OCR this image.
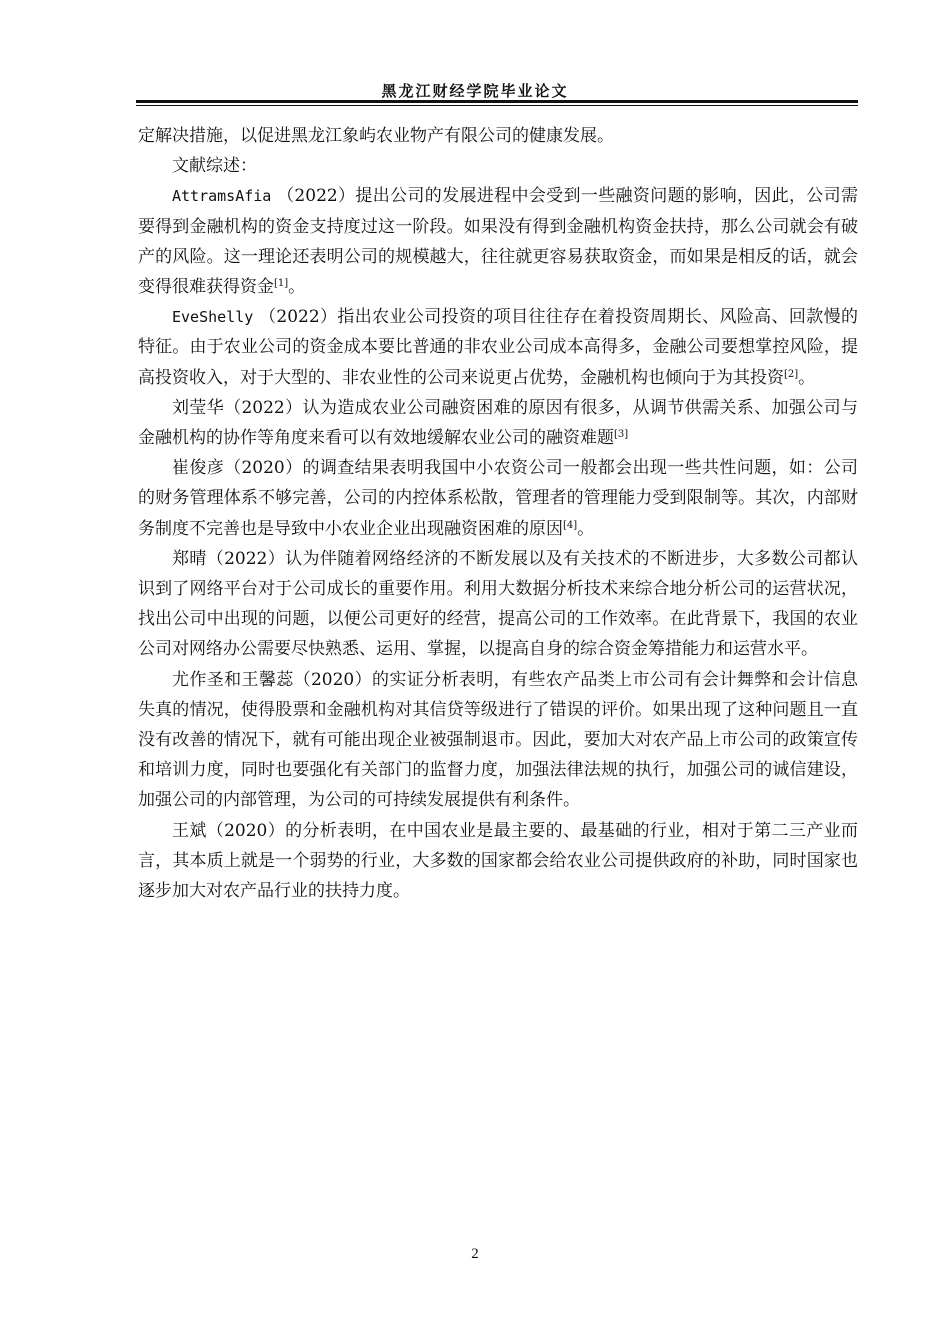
黑龙江财经学院毕业论文

定解决措施，以促进黑龙江象屿农业物产有限公司的健康发展。

文献综述：

AttramsAfia （2022）提出公司的发展进程中会受到一些融资问题的影响，因此，公司需要得到金融机构的资金支持度过这一阶段。如果没有得到金融机构资金扶持，那么公司就会有破产的风险。这一理论还表明公司的规模越大，往往就更容易获取资金，而如果是相反的话，就会变得很难获得资金[1]。

EveShelly （2022）指出农业公司投资的项目往往存在着投资周期长、风险高、回款慢的特征。由于农业公司的资金成本要比普通的非农业公司成本高得多，金融公司要想掌控风险，提高投资收入，对于大型的、非农业性的公司来说更占优势，金融机构也倾向于为其投资[2]。

刘莹华（2022）认为造成农业公司融资困难的原因有很多，从调节供需关系、加强公司与金融机构的协作等角度来看可以有效地缓解农业公司的融资难题[3]

崔俊彦（2020）的调查结果表明我国中小农资公司一般都会出现一些共性问题，如：公司的财务管理体系不够完善，公司的内控体系松散，管理者的管理能力受到限制等。其次，内部财务制度不完善也是导致中小农业企业出现融资困难的原因[4]。

郑晴（2022）认为伴随着网络经济的不断发展以及有关技术的不断进步，大多数公司都认识到了网络平台对于公司成长的重要作用。利用大数据分析技术来综合地分析公司的运营状况，找出公司中出现的问题，以便公司更好的经营，提高公司的工作效率。在此背景下，我国的农业公司对网络办公需要尽快熟悉、运用、掌握，以提高自身的综合资金筹措能力和运营水平。

尤作圣和王馨蕊（2020）的实证分析表明，有些农产品类上市公司有会计舞弊和会计信息失真的情况，使得股票和金融机构对其信贷等级进行了错误的评价。如果出现了这种问题且一直没有改善的情况下，就有可能出现企业被强制退市。因此，要加大对农产品上市公司的政策宣传和培训力度，同时也要强化有关部门的监督力度，加强法律法规的执行，加强公司的诚信建设，加强公司的内部管理，为公司的可持续发展提供有利条件。

王斌（2020）的分析表明，在中国农业是最主要的、最基础的行业，相对于第二三产业而言，其本质上就是一个弱势的行业，大多数的国家都会给农业公司提供政府的补助，同时国家也逐步加大对农产品行业的扶持力度。

2
